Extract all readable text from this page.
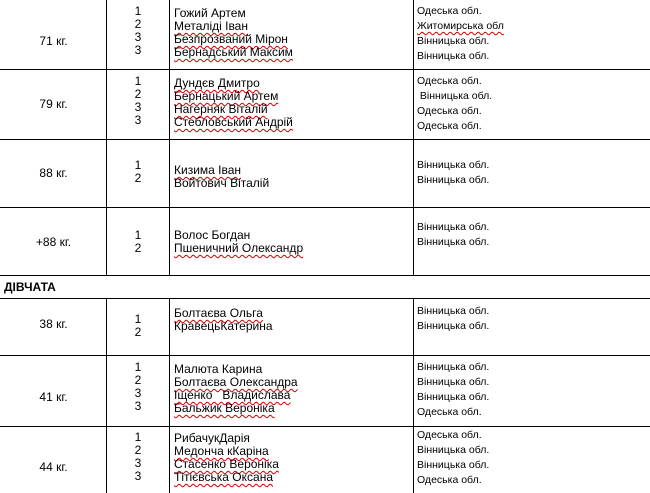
71 кг.
1
2
3
3
Гожий Артем
Металіді Іван
Безпрозваний Мірон
Бернадський Максим
Одеська обл.
Житомирська обл
Вінницька обл.
Вінницька обл.
79 кг.
1
2
3
3
Дундєв Дмитро
Бернацький Артем
Нагерняк Віталій
Стебловський Андрій
Одеська обл.
Вінницька обл.
Одеська обл.
Одеська обл.
88 кг.
1
2
Кизима Іван
Войтович Віталій
Вінницька обл.
Вінницька обл.
+88 кг.	1
2
Волос Богдан
Пшеничний Олександр
Вінницька обл.
Вінницька обл.
ДІВЧАТА
38 кг.	1
2
Болтаєва Ольга
КравецьКатерина
Вінницька обл.
Вінницька обл.
41 кг.
1
2
3
3
Малюта Карина
Болтаєва Олександра
Іщенко   Владислава
Бальжик Вероніка
Вінницька обл.
Вінницька обл.
Вінницька обл.
Одеська обл.
44 кг.
1
2
3
3
РибачукДарія
Медонча кКаріна
Стасенко Вероніка
Тітієвська Оксана
Одеська обл.
Вінницька обл.
Вінницька обл.
Одеська обл.
